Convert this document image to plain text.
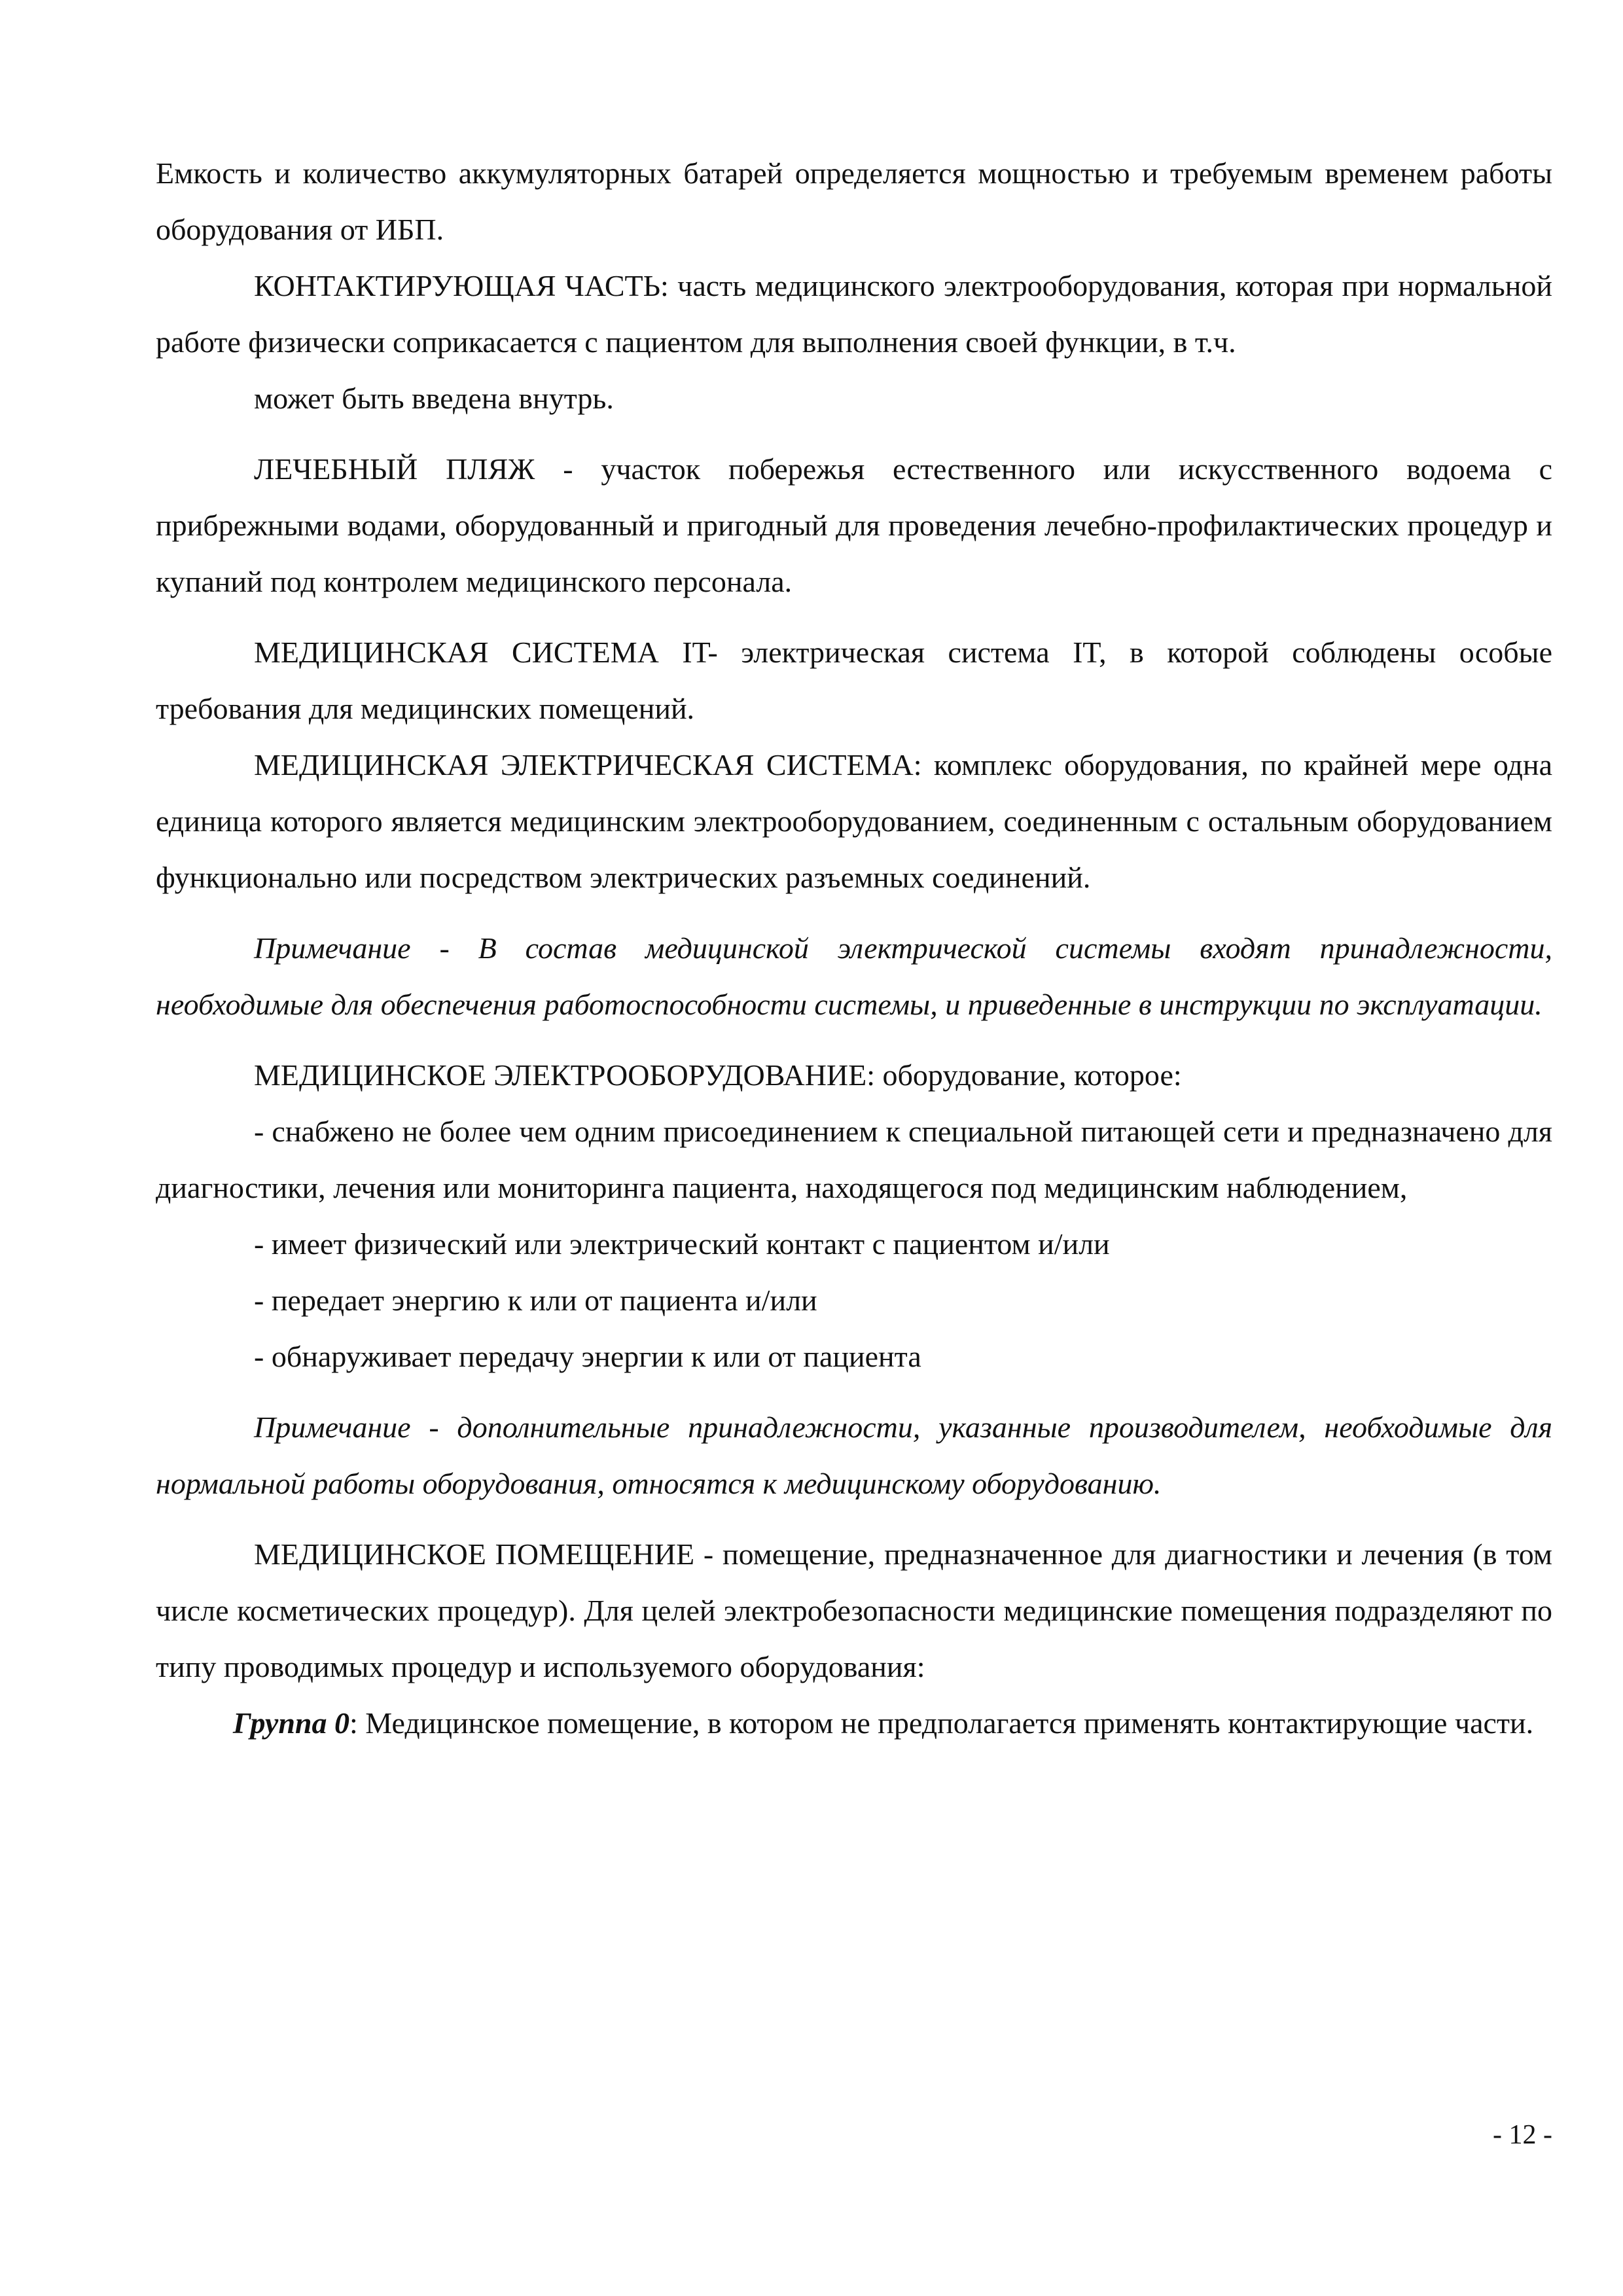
Емкость и количество аккумуляторных батарей определяется мощностью и требуемым временем работы оборудования от ИБП.

КОНТАКТИРУЮЩАЯ ЧАСТЬ: часть медицинского электрооборудования, которая при нормальной работе физически соприкасается с пациентом для выполнения своей функции, в т.ч.

может быть введена внутрь.

ЛЕЧЕБНЫЙ ПЛЯЖ - участок побережья естественного или искусственного водоема с прибрежными водами, оборудованный и пригодный для проведения лечебно-профилактических процедур и купаний под контролем медицинского персонала.

МЕДИЦИНСКАЯ СИСТЕМА IT- электрическая система IT, в которой соблюдены особые требования для медицинских помещений.

МЕДИЦИНСКАЯ ЭЛЕКТРИЧЕСКАЯ СИСТЕМА: комплекс оборудования, по крайней мере одна единица которого является медицинским электрооборудованием, соединенным с остальным оборудованием функционально или посредством электрических разъемных соединений.

Примечание - В состав медицинской электрической системы входят принадлежности, необходимые для обеспечения работоспособности системы, и приведенные в инструкции по эксплуатации.

МЕДИЦИНСКОЕ ЭЛЕКТРООБОРУДОВАНИЕ: оборудование, которое:

- снабжено не более чем одним присоединением к специальной питающей сети и предназначено для диагностики, лечения или мониторинга пациента, находящегося под медицинским наблюдением,

- имеет физический или электрический контакт с пациентом и/или

- передает энергию к или от пациента и/или

- обнаруживает передачу энергии к или от пациента

Примечание - дополнительные принадлежности, указанные производителем, необходимые для нормальной работы оборудования, относятся к медицинскому оборудованию.

МЕДИЦИНСКОЕ ПОМЕЩЕНИЕ - помещение, предназначенное для диагностики и лечения (в том числе косметических процедур). Для целей электробезопасности медицинские помещения подразделяют по типу проводимых процедур и используемого оборудования:

Группа 0: Медицинское помещение, в котором не предполагается применять контактирующие части.

- 12 -
